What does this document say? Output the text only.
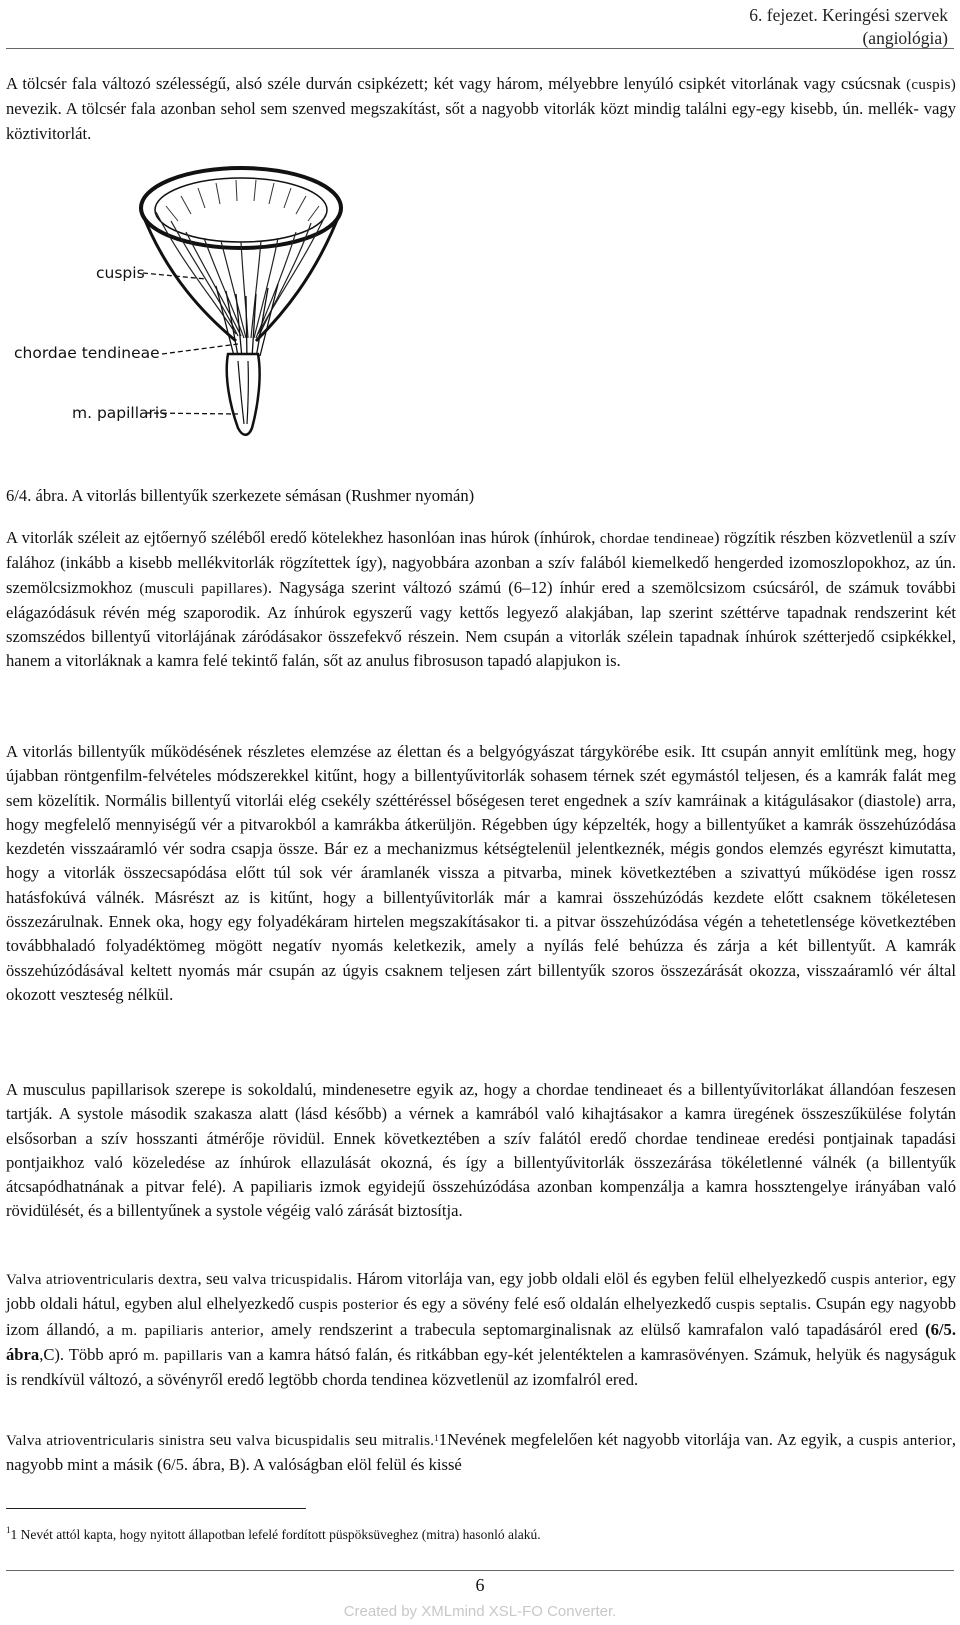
6. fejezet. Keringési szervek
(angiológia)

A tölcsér fala változó szélességű, alsó széle durván csipkézett; két vagy három, mélyebbre lenyúló csipkét vitorlának vagy csúcsnak (cuspis) nevezik. A tölcsér fala azonban sehol sem szenved megszakítást, sőt a nagyobb vitorlák közt mindig találni egy-egy kisebb, ún. mellék- vagy köztivitorlát.

cuspis
chordae tendineae
m. papillaris
6/4. ábra. A vitorlás billentyűk szerkezete sémásan (Rushmer nyomán)

A vitorlák széleit az ejtőernyő széléből eredő kötelekhez hasonlóan inas húrok (ínhúrok, chordae tendineae) rögzítik részben közvetlenül a szív falához (inkább a kisebb mellékvitorlák rögzítettek így), nagyobbára azonban a szív falából kiemelkedő hengerded izomoszlopokhoz, az ún. szemölcsizmokhoz (musculi papillares). Nagysága szerint változó számú (6–12) ínhúr ered a szemölcsizom csúcsáról, de számuk további elágazódásuk révén még szaporodik. Az ínhúrok egyszerű vagy kettős legyező alakjában, lap szerint széttérve tapadnak rendszerint két szomszédos billentyű vitorlájának záródásakor összefekvő részein. Nem csupán a vitorlák szélein tapadnak ínhúrok szétterjedő csipkékkel, hanem a vitorláknak a kamra felé tekintő falán, sőt az anulus fibrosuson tapadó alapjukon is.

A vitorlás billentyűk működésének részletes elemzése az élettan és a belgyógyászat tárgykörébe esik. Itt csupán annyit említünk meg, hogy újabban röntgenfilm-felvételes módszerekkel kitűnt, hogy a billentyűvitorlák sohasem térnek szét egymástól teljesen, és a kamrák falát meg sem közelítik. Normális billentyű vitorlái elég csekély széttéréssel bőségesen teret engednek a szív kamráinak a kitágulásakor (diastole) arra, hogy megfelelő mennyiségű vér a pitvarokból a kamrákba átkerüljön. Régebben úgy képzelték, hogy a billentyűket a kamrák összehúzódása kezdetén visszaáramló vér sodra csapja össze. Bár ez a mechanizmus kétségtelenül jelentkeznék, mégis gondos elemzés egyrészt kimutatta, hogy a vitorlák összecsapódása előtt túl sok vér áramlanék vissza a pitvarba, minek következtében a szivattyú működése igen rossz hatásfokúvá válnék. Másrészt az is kitűnt, hogy a billentyűvitorlák már a kamrai összehúzódás kezdete előtt csaknem tökéletesen összezárulnak. Ennek oka, hogy egy folyadékáram hirtelen megszakításakor ti. a pitvar összehúzódása végén a tehetetlensége következtében továbbhaladó folyadéktömeg mögött negatív nyomás keletkezik, amely a nyílás felé behúzza és zárja a két billentyűt. A kamrák összehúzódásával keltett nyomás már csupán az úgyis csaknem teljesen zárt billentyűk szoros összezárását okozza, visszaáramló vér által okozott veszteség nélkül.

A musculus papillarisok szerepe is sokoldalú, mindenesetre egyik az, hogy a chordae tendineaet és a billentyűvitorlákat állandóan feszesen tartják. A systole második szakasza alatt (lásd később) a vérnek a kamrából való kihajtásakor a kamra üregének összeszűkülése folytán elsősorban a szív hosszanti átmérője rövidül. Ennek következtében a szív falától eredő chordae tendineae eredési pontjainak tapadási pontjaikhoz való közeledése az ínhúrok ellazulását okozná, és így a billentyűvitorlák összezárása tökéletlenné válnék (a billentyűk átcsapódhatnának a pitvar felé). A papiliaris izmok egyidejű összehúzódása azonban kompenzálja a kamra hossztengelye irányában való rövidülését, és a billentyűnek a systole végéig való zárását biztosítja.

Valva atrioventricularis dextra, seu valva tricuspidalis. Három vitorlája van, egy jobb oldali elöl és egyben felül elhelyezkedő cuspis anterior, egy jobb oldali hátul, egyben alul elhelyezkedő cuspis posterior és egy a sövény felé eső oldalán elhelyezkedő cuspis septalis. Csupán egy nagyobb izom állandó, a m. papiliaris anterior, amely rendszerint a trabecula septomarginalisnak az elülső kamrafalon való tapadásáról ered (6/5. ábra,C). Több apró m. papillaris van a kamra hátsó falán, és ritkábban egy-két jelentéktelen a kamrasövényen. Számuk, helyük és nagyságuk is rendkívül változó, a sövényről eredő legtöbb chorda tendinea közvetlenül az izomfalról ered.

Valva atrioventricularis sinistra seu valva bicuspidalis seu mitralis.$^1$1Nevének megfelelően két nagyobb vitorlája van. Az egyik, a cuspis anterior, nagyobb mint a másik (6/5. ábra, B). A valóságban elöl felül és kissé

$^1$1 Nevét attól kapta, hogy nyitott állapotban lefelé fordított püspöksüveghez (mitra) hasonló alakú.
6
Created by XMLmind XSL-FO Converter.
